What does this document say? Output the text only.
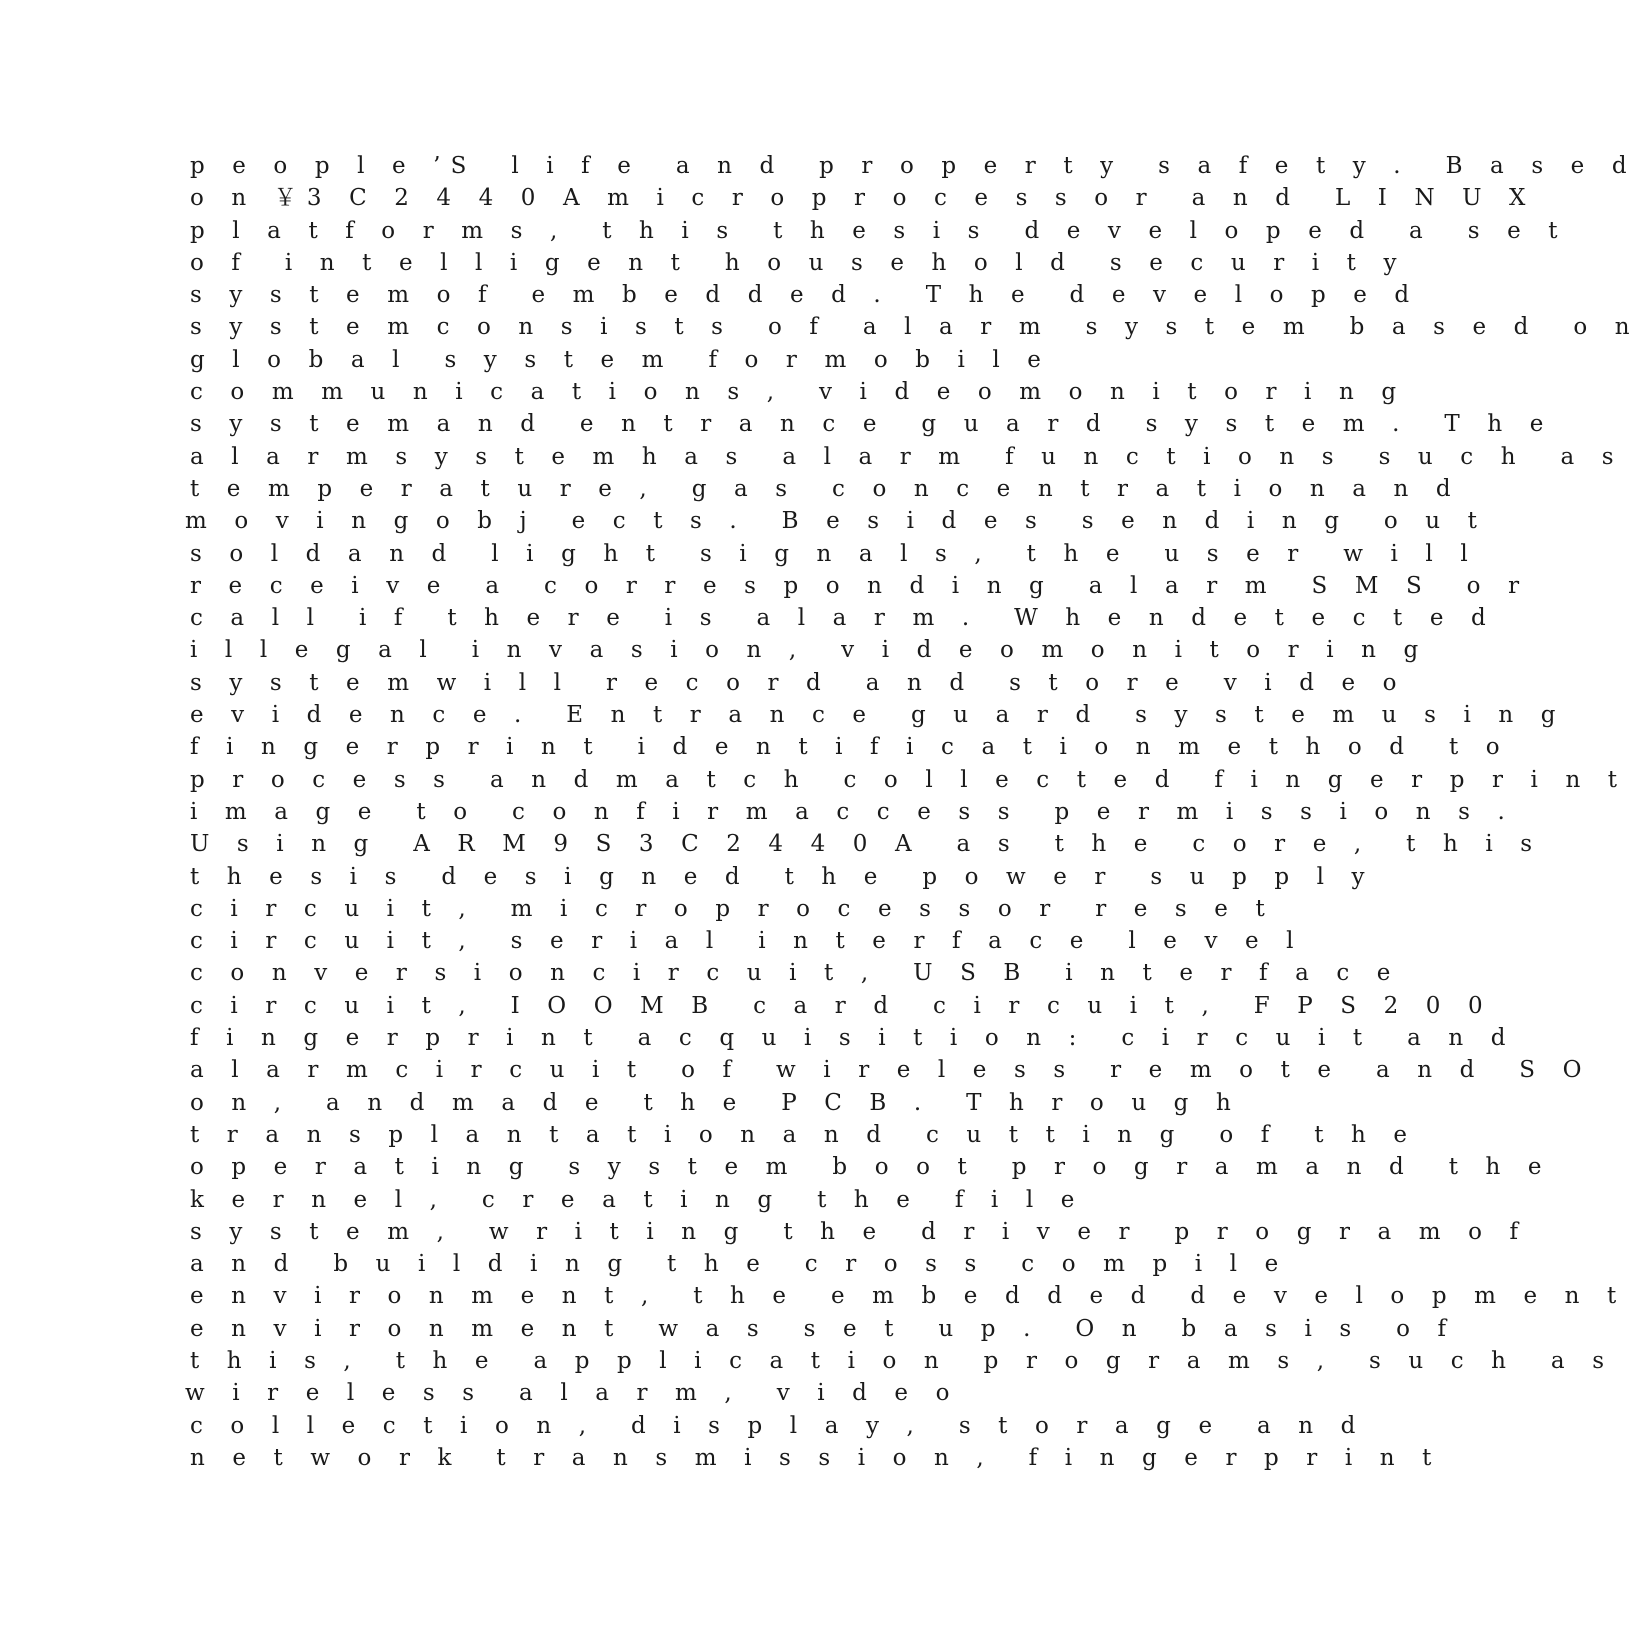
p e o p l e ’S  l i f e  a n d  p r o p e r t y  s a f e t y .  B a s e d
o n ￥3 C 2 4 4 0 A m i c r o p r o c e s s o r  a n d  L I N U X
p l a t f o r m s ,  t h i s  t h e s i s  d e v e l o p e d  a  s e t
o f  i n t e l l i g e n t  h o u s e h o l d  s e c u r i t y
s y s t e m o f  e m b e d d e d .  T h e  d e v e l o p e d
s y s t e m c o n s i s t s  o f  a l a r m  s y s t e m  b a s e d  o n
g l o b a l  s y s t e m  f o r m o b i l e
c o m m u n i c a t i o n s ,  v i d e o m o n i t o r i n g
s y s t e m a n d  e n t r a n c e  g u a r d  s y s t e m .  T h e
a l a r m s y s t e m h a s  a l a r m  f u n c t i o n s  s u c h  a s
t e m p e r a t u r e ,  g a s  c o n c e n t r a t i o n a n d
m o v i n g o b j  e c t s .  B e s i d e s  s e n d i n g  o u t
s o l d a n d  l i g h t  s i g n a l s ,  t h e  u s e r  w i l l
r e c e i v e  a  c o r r e s p o n d i n g  a l a r m  S M S  o r
c a l l  i f  t h e r e  i s  a l a r m .  W h e n d e t e c t e d
i l l e g a l  i n v a s i o n ,  v i d e o m o n i t o r i n g
s y s t e m w i l l  r e c o r d  a n d  s t o r e  v i d e o
e v i d e n c e .  E n t r a n c e  g u a r d  s y s t e m u s i n g
f i n g e r p r i n t  i d e n t i f i c a t i o n m e t h o d  t o
p r o c e s s  a n d m a t c h  c o l l e c t e d  f i n g e r p r i n t
i m a g e  t o  c o n f i r m a c c e s s  p e r m i s s i o n s .
U s i n g  A R M 9 S 3 C 2 4 4 0 A  a s  t h e  c o r e ,  t h i s
t h e s i s  d e s i g n e d  t h e  p o w e r  s u p p l y
c i r c u i t ,  m i c r o p r o c e s s o r  r e s e t
c i r c u i t ,  s e r i a l  i n t e r f a c e  l e v e l
c o n v e r s i o n c i r c u i t ,  U S B  i n t e r f a c e
c i r c u i t ,  I O O M B  c a r d  c i r c u i t ,  F P S 2 0 0
f i n g e r p r i n t  a c q u i s i t i o n :  c i r c u i t  a n d
a l a r m c i r c u i t  o f  w i r e l e s s  r e m o t e  a n d  S O
o n ,  a n d m a d e  t h e  P C B .  T h r o u g h
t r a n s p l a n t a t i o n a n d  c u t t i n g  o f  t h e
o p e r a t i n g  s y s t e m  b o o t  p r o g r a m a n d  t h e
k e r n e l ,  c r e a t i n g  t h e  f i l e
s y s t e m ,  w r i t i n g  t h e  d r i v e r  p r o g r a m o f
a n d  b u i l d i n g  t h e  c r o s s  c o m p i l e
e n v i r o n m e n t ,  t h e  e m b e d d e d  d e v e l o p m e n t
e n v i r o n m e n t  w a s  s e t  u p .  O n  b a s i s  o f
t h i s ,  t h e  a p p l i c a t i o n  p r o g r a m s ,  s u c h  a s
w i r e l e s s  a l a r m ,  v i d e o
c o l l e c t i o n ,  d i s p l a y ,  s t o r a g e  a n d
n e t w o r k  t r a n s m i s s i o n ,  f i n g e r p r i n t
